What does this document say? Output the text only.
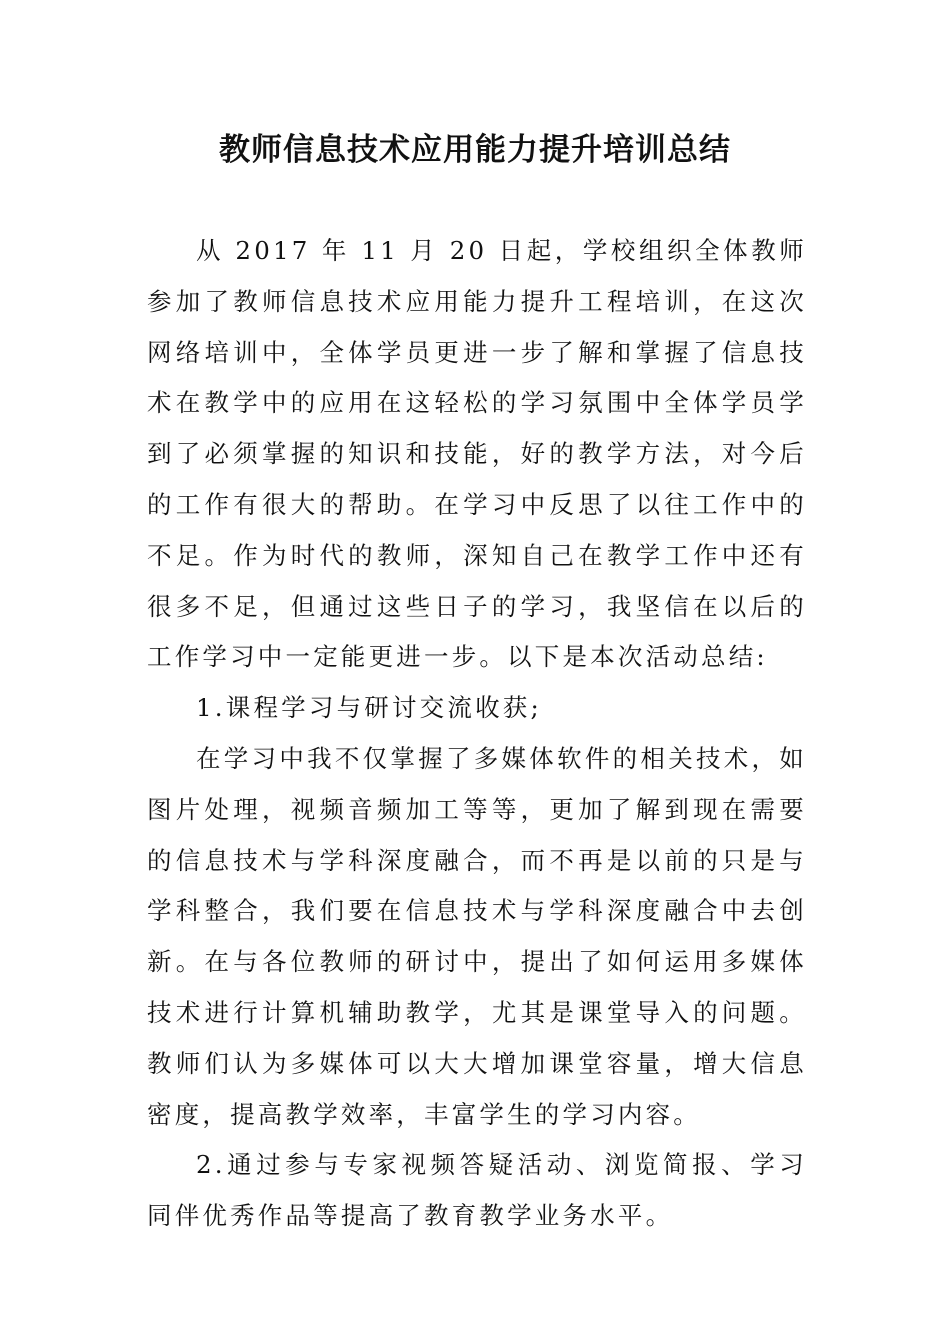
教师信息技术应用能力提升培训总结

从 2017 年 11 月 20 日起，学校组织全体教师参加了教师信息技术应用能力提升工程培训，在这次网络培训中，全体学员更进一步了解和掌握了信息技术在教学中的应用在这轻松的学习氛围中全体学员学到了必须掌握的知识和技能，好的教学方法，对今后的工作有很大的帮助。在学习中反思了以往工作中的不足。作为时代的教师，深知自己在教学工作中还有很多不足，但通过这些日子的学习，我坚信在以后的工作学习中一定能更进一步。以下是本次活动总结:

1.课程学习与研讨交流收获;

在学习中我不仅掌握了多媒体软件的相关技术，如图片处理，视频音频加工等等，更加了解到现在需要的信息技术与学科深度融合，而不再是以前的只是与学科整合，我们要在信息技术与学科深度融合中去创新。在与各位教师的研讨中，提出了如何运用多媒体技术进行计算机辅助教学，尤其是课堂导入的问题。教师们认为多媒体可以大大增加课堂容量，增大信息密度，提高教学效率，丰富学生的学习内容。

2.通过参与专家视频答疑活动、浏览简报、学习同伴优秀作品等提高了教育教学业务水平。
